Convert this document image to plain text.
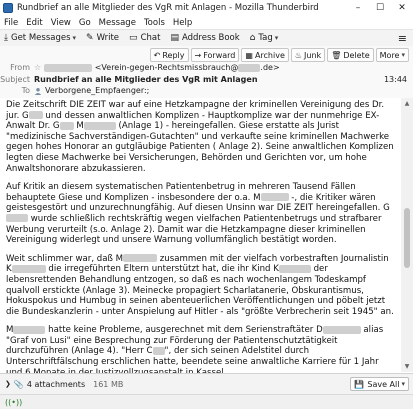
Rundbrief an alle Mitglieder des VgR mit Anlagen - Mozilla Thunderbird	–	☐	✕
File Edit View Go Message Tools Help
⤓ Get Messages ▾ ✎ Write ▭ Chat ▤ Address Book ⌂ Tag ▾	≡
↶ Reply → Forward ▦ Archive ♨ Junk 🗑 Delete More ▾
From ☆	<Verein-gegen-Rechtsmissbrauch@	.de>
Subject Rundbrief an alle Mitglieder des VgR mit Anlagen	13:44
To Verborgene_Empfaenger:;

Die Zeitschrift DIE ZEIT war auf eine Hetzkampagne der kriminellen Vereinigung des Dr. jur. G und dessen anwaltlichen Komplizen - Hauptkomplize war der nunmehrige EX-Anwalt Dr. G M	(Anlage 1) - hereingefallen. Giese erstatte als Jurist "medizinische Sachverständigen-Gutachten" und verkaufte seine kriminellen Machwerke gegen hohes Honorar an gutgläubige Patienten ( Anlage 2). Seine anwaltlichen Komplizen legten diese Machwerke bei Versicherungen, Behörden und Gerichten vor, um hohe Anwaltshonorare abzukassieren.

Auf Kritik an diesem systematischen Patientenbetrug in mehreren Tausend Fällen behauptete Giese und Komplizen - insbesondere der o.a. M	-, die Kritiker wären geistesgestört und unzurechnungfähig. Auf diesen Unsinn war DIE ZEIT hereingefallen. G wurde schließlich rechtskräftig wegen vielfachen Patientenbetrugs und strafbarer Werbung verurteilt (s.o. Anlage 2). Damit war die Hetzkampagne dieser kriminellen Vereinigung widerlegt und unsere Warnung vollumfänglich bestätigt worden.

Weit schlimmer war, daß M	zusammen mit der vielfach vorbestraften Journalistin K	die irregeführten Eltern unterstützt hat, die ihr Kind K	der lebensrettenden Behandlung entzogen, so daß es nach wochenlangem Todeskampf qualvoll erstickte (Anlage 3). Meinecke propagiert Scharlatanerie, Obskurantismus, Hokuspokus und Humbug in seinen abenteuerlichen Veröffentlichungen und pöbelt jetzt die Bundeskanzlerin - unter Anspielung auf Hitler - als "größte Verbrecherin seit 1945" an.

M	hatte keine Probleme, ausgerechnet mit dem Serienstraftäter D	alias "Graf von Lusi" eine Besprechung zur Förderung der Patientenschutztätigkeit durchzuführen (Anlage 4). "Herr C ", der sich seinen Adelstitel durch Unterschriftfälschung erschlichen hatte, beendete seine anwaltliche Karriere für 1 Jahr

▲
▼
❯ 📎 4 attachments 161 MB	💾 Save All ▾
((•))
